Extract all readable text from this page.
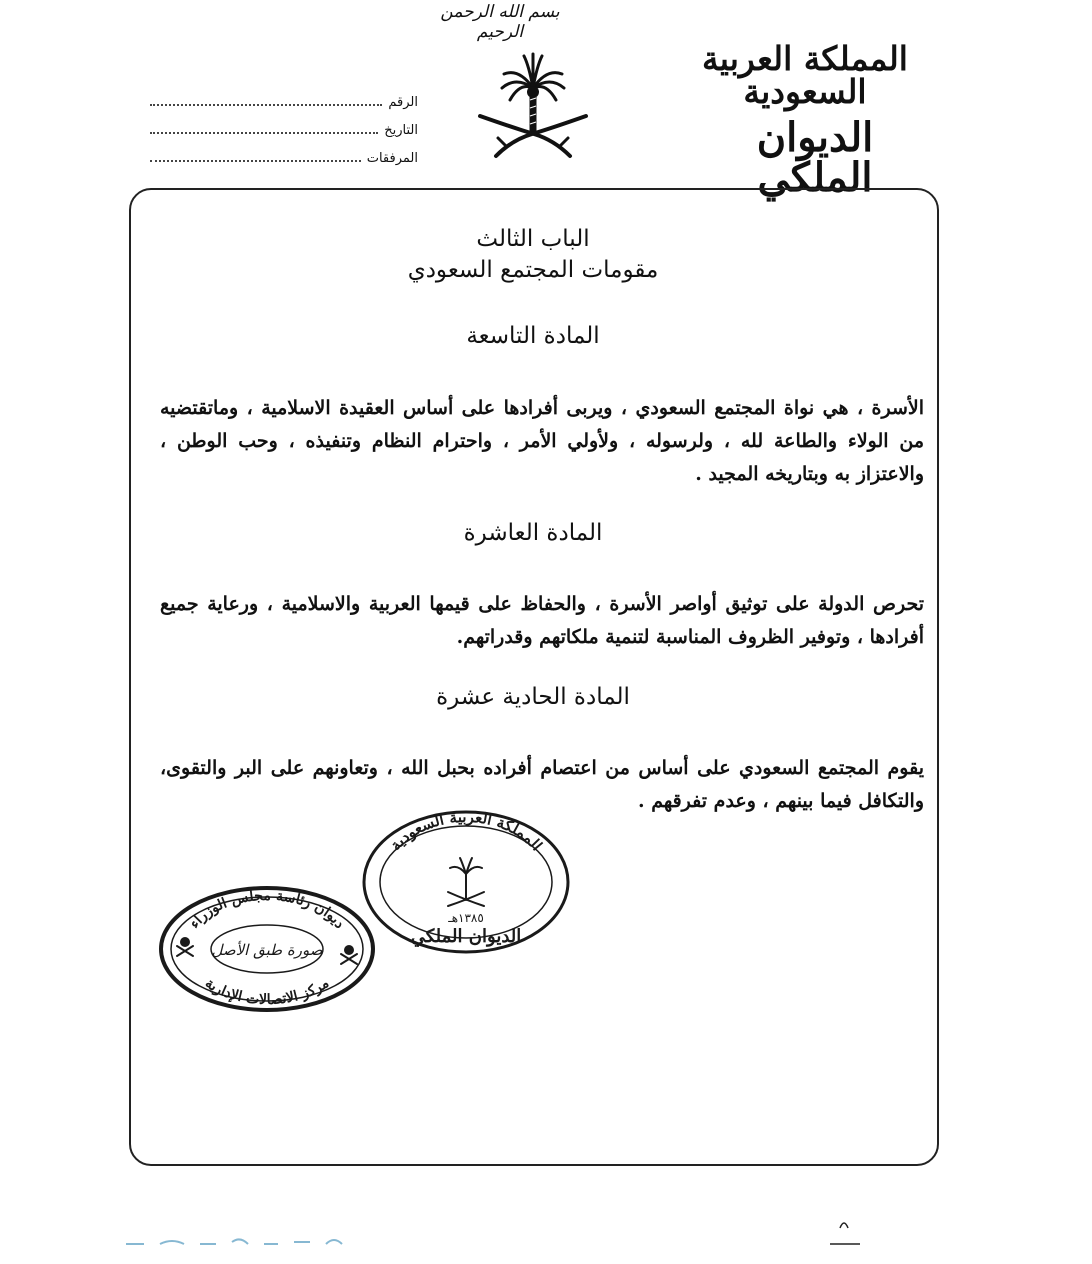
بسم الله الرحمن الرحيم
المملكة العربية السعودية
الديوان الملكي
الرقم
التاريخ
المرفقات
الباب الثالث
مقومات المجتمع السعودي
المادة التاسعة
الأسرة ، هي نواة المجتمع السعودي ، ويربى أفرادها على أساس العقيدة الاسلامية ، وماتقتضيه من الولاء والطاعة لله ، ولرسوله ، ولأولي الأمر ، واحترام النظام وتنفيذه ، وحب الوطن ، والاعتزاز به وبتاريخه المجيد .
المادة العاشرة
تحرص الدولة على توثيق أواصر الأسرة ، والحفاظ على قيمها العربية والاسلامية ، ورعاية جميع أفرادها ، وتوفير الظروف المناسبة لتنمية ملكاتهم وقدراتهم.
المادة الحادية عشرة
يقوم المجتمع السعودي على أساس من اعتصام أفراده بحبل الله ، وتعاونهم على البر والتقوى، والتكافل فيما بينهم ، وعدم تفرقهم .
المملكة العربية السعودية
١٣٨٥هـ
الديوان الملكي
ديوان رئاسة مجلس الوزراء
مركز الاتصالات الإدارية
صورة طبق الأصل
